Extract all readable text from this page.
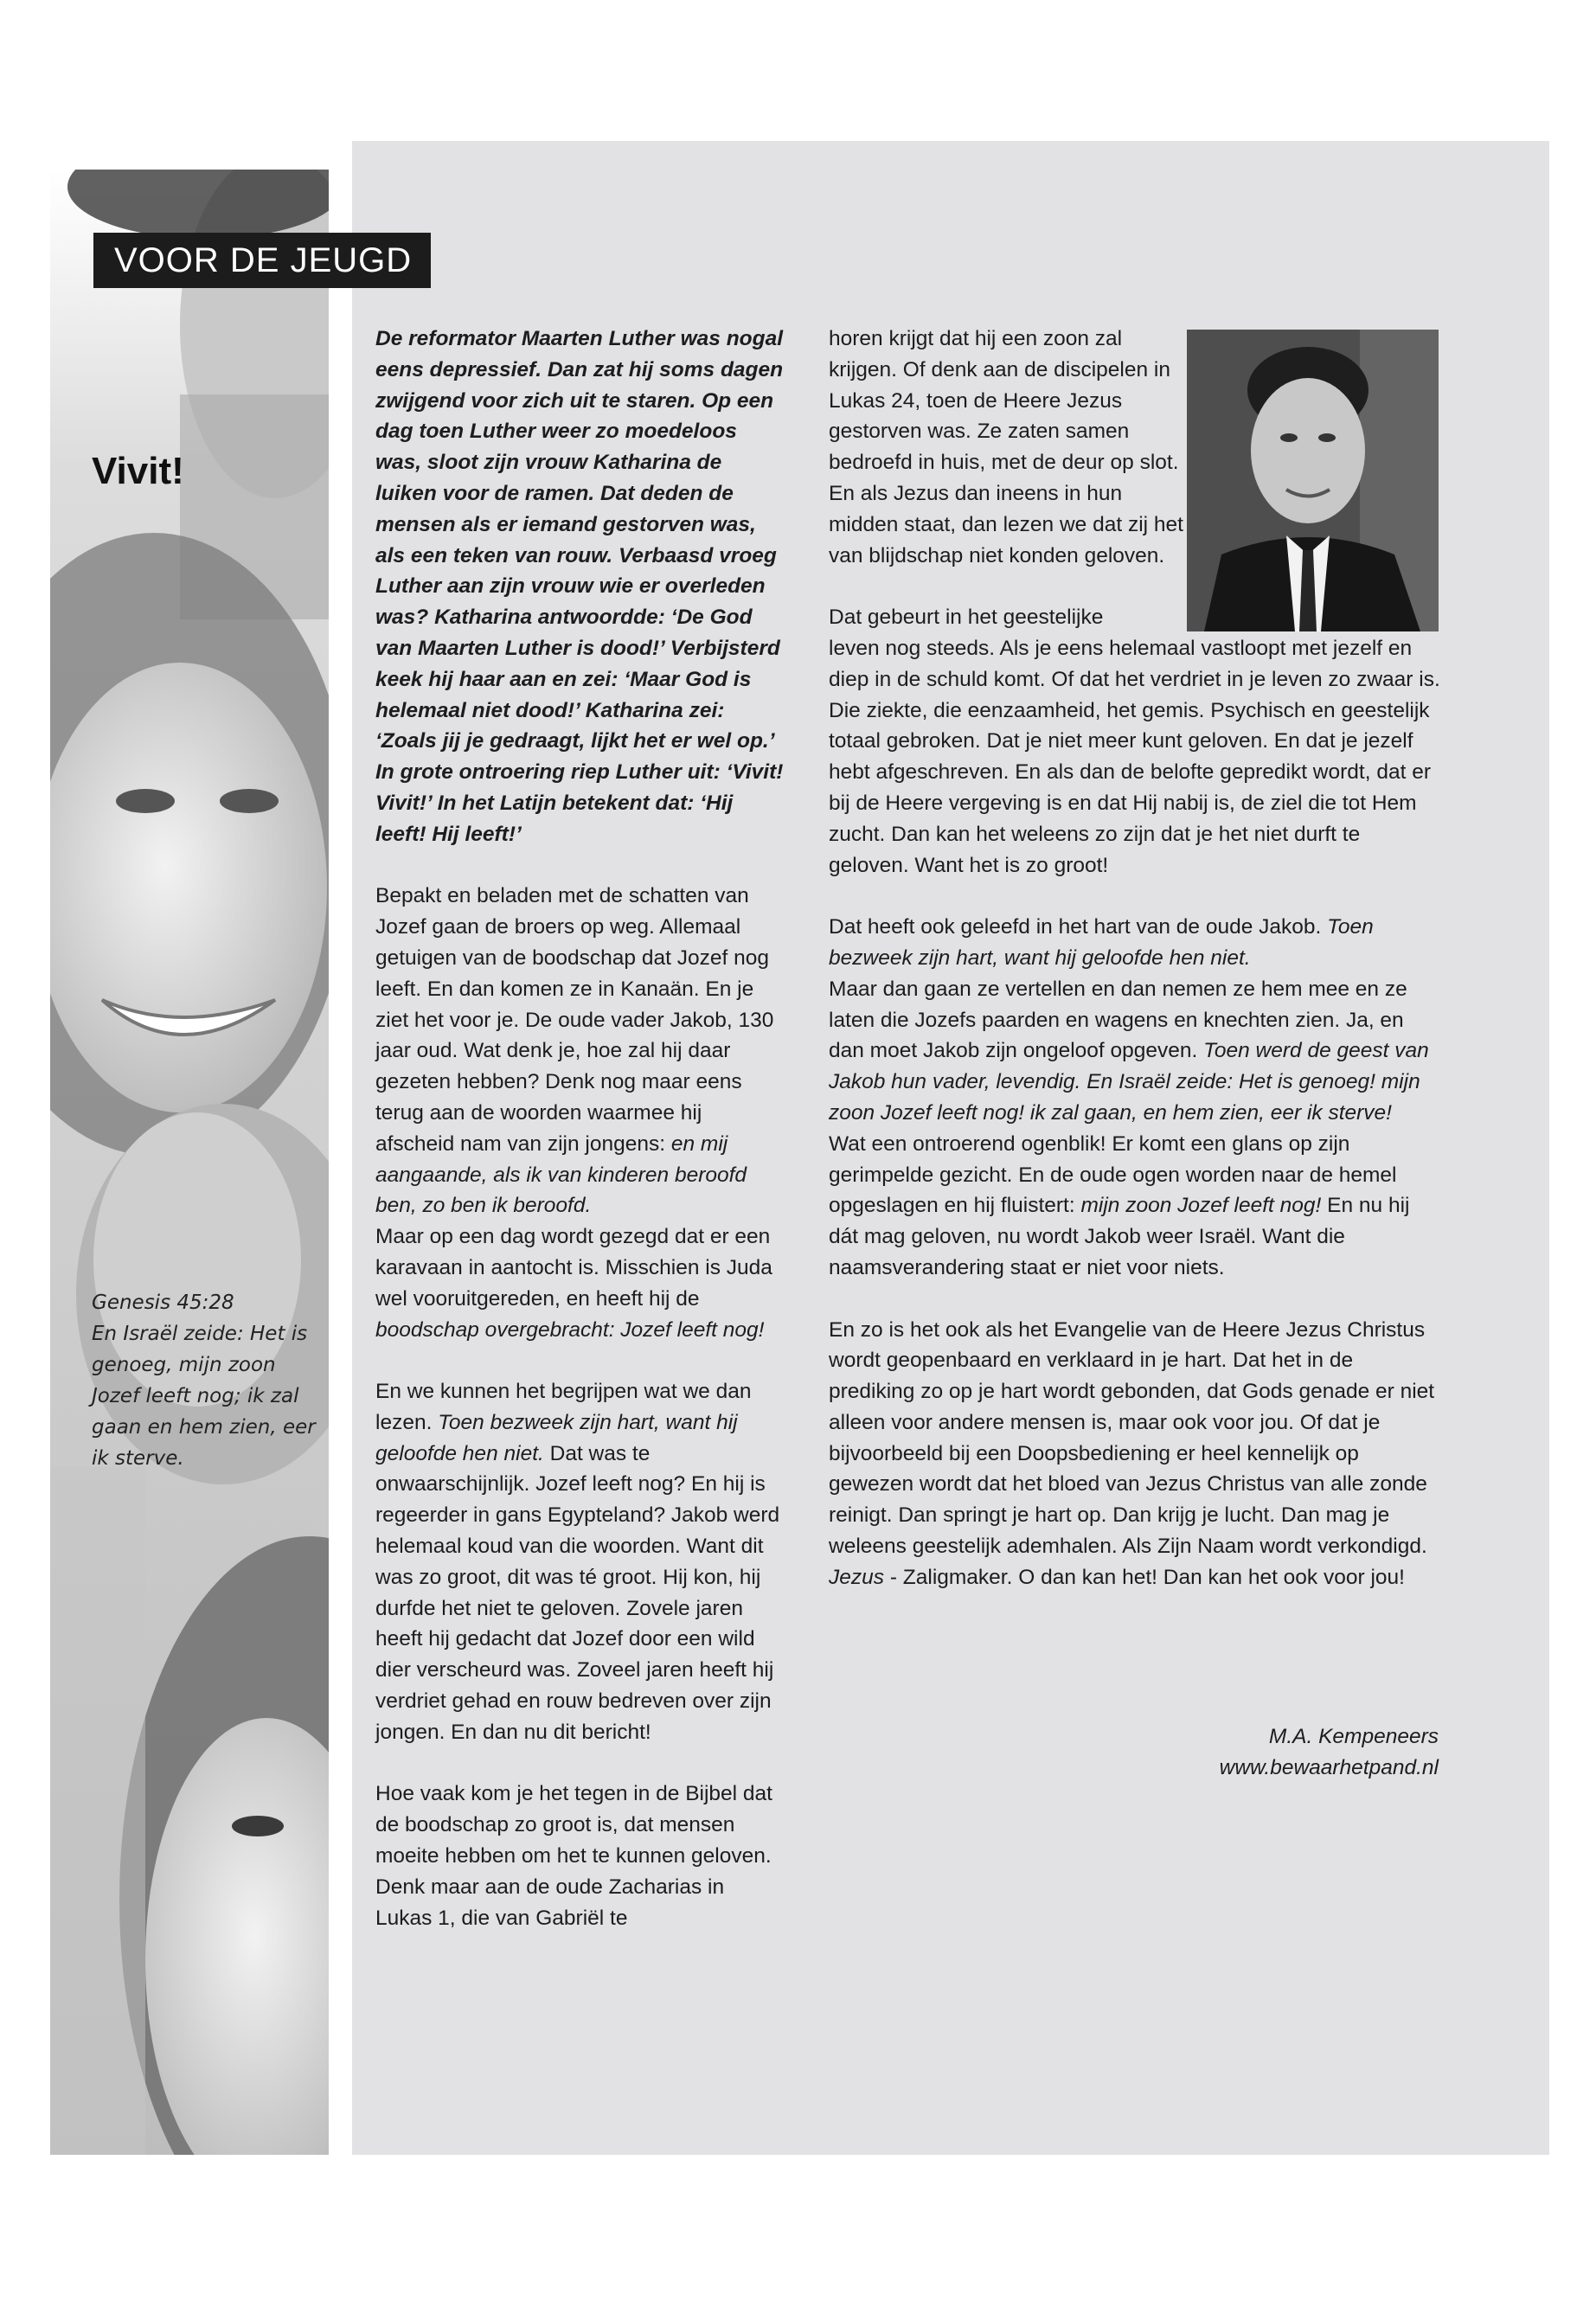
VOOR DE JEUGD
Vivit!

Genesis 45:28

En Israël zeide: Het is genoeg, mijn zoon Jozef leeft nog; ik zal gaan en hem zien, eer ik sterve.

De reformator Maarten Luther was nogal eens depressief. Dan zat hij soms dagen zwijgend voor zich uit te staren. Op een dag toen Luther weer zo moedeloos was, sloot zijn vrouw Katharina de luiken voor de ramen. Dat deden de mensen als er iemand gestorven was, als een teken van rouw. Verbaasd vroeg Luther aan zijn vrouw wie er overleden was? Katharina antwoordde: ‘De God van Maarten Luther is dood!’ Verbijsterd keek hij haar aan en zei: ‘Maar God is helemaal niet dood!’ Katharina zei: ‘Zoals jij je gedraagt, lijkt het er wel op.’ In grote ontroering riep Luther uit: ‘Vivit! Vivit!’ In het Latijn betekent dat: ‘Hij leeft! Hij leeft!’

Bepakt en beladen met de schatten van Jozef gaan de broers op weg. Allemaal getuigen van de boodschap dat Jozef nog leeft. En dan komen ze in Kanaän. En je ziet het voor je. De oude vader Jakob, 130 jaar oud. Wat denk je, hoe zal hij daar gezeten hebben? Denk nog maar eens terug aan de woorden waarmee hij afscheid nam van zijn jongens: en mij aangaande, als ik van kinderen beroofd ben, zo ben ik beroofd.
Maar op een dag wordt gezegd dat er een karavaan in aantocht is. Misschien is Juda wel vooruitgereden, en heeft hij de boodschap overgebracht: Jozef leeft nog!

En we kunnen het begrijpen wat we dan lezen. Toen bezweek zijn hart, want hij geloofde hen niet. Dat was te onwaarschijnlijk. Jozef leeft nog? En hij is regeerder in gans Egypteland? Jakob werd helemaal koud van die woorden. Want dit was zo groot, dit was té groot. Hij kon, hij durfde het niet te geloven. Zovele jaren heeft hij gedacht dat Jozef door een wild dier verscheurd was. Zoveel jaren heeft hij verdriet gehad en rouw bedreven over zijn jongen. En dan nu dit bericht!

Hoe vaak kom je het tegen in de Bijbel dat de boodschap zo groot is, dat mensen moeite hebben om het te kunnen geloven. Denk maar aan de oude Zacharias in Lukas 1, die van Gabriël te

horen krijgt dat hij een zoon zal krijgen. Of denk aan de discipelen in Lukas 24, toen de Heere Jezus gestorven was. Ze zaten samen bedroefd in huis, met de deur op slot. En als Jezus dan ineens in hun midden staat, dan lezen we dat zij het van blijdschap niet konden geloven.

Dat gebeurt in het geestelijke
leven nog steeds. Als je eens helemaal vastloopt met jezelf en diep in de schuld komt. Of dat het verdriet in je leven zo zwaar is. Die ziekte, die eenzaamheid, het gemis. Psychisch en geestelijk totaal gebroken. Dat je niet meer kunt geloven. En dat je jezelf hebt afgeschreven. En als dan de belofte gepredikt wordt, dat er bij de Heere vergeving is en dat Hij nabij is, de ziel die tot Hem zucht. Dan kan het weleens zo zijn dat je het niet durft te geloven. Want het is zo groot!

Dat heeft ook geleefd in het hart van de oude Jakob. Toen bezweek zijn hart, want hij geloofde hen niet.
Maar dan gaan ze vertellen en dan nemen ze hem mee en ze laten die Jozefs paarden en wagens en knechten zien. Ja, en dan moet Jakob zijn ongeloof opgeven. Toen werd de geest van Jakob hun vader, levendig. En Israël zeide: Het is genoeg! mijn zoon Jozef leeft nog! ik zal gaan, en hem zien, eer ik sterve!
Wat een ontroerend ogenblik! Er komt een glans op zijn gerimpelde gezicht. En de oude ogen worden naar de hemel opgeslagen en hij fluistert: mijn zoon Jozef leeft nog! En nu hij dát mag geloven, nu wordt Jakob weer Israël. Want die naamsverandering staat er niet voor niets.

En zo is het ook als het Evangelie van de Heere Jezus Christus wordt geopenbaard en verklaard in je hart. Dat het in de prediking zo op je hart wordt gebonden, dat Gods genade er niet alleen voor andere mensen is, maar ook voor jou. Of dat je bijvoorbeeld bij een Doopsbediening er heel kennelijk op gewezen wordt dat het bloed van Jezus Christus van alle zonde reinigt. Dan springt je hart op. Dan krijg je lucht. Dan mag je weleens geestelijk ademhalen. Als Zijn Naam wordt verkondigd. Jezus - Zaligmaker. O dan kan het! Dan kan het ook voor jou!

M.A. Kempeneers
www.bewaarhetpand.nl
